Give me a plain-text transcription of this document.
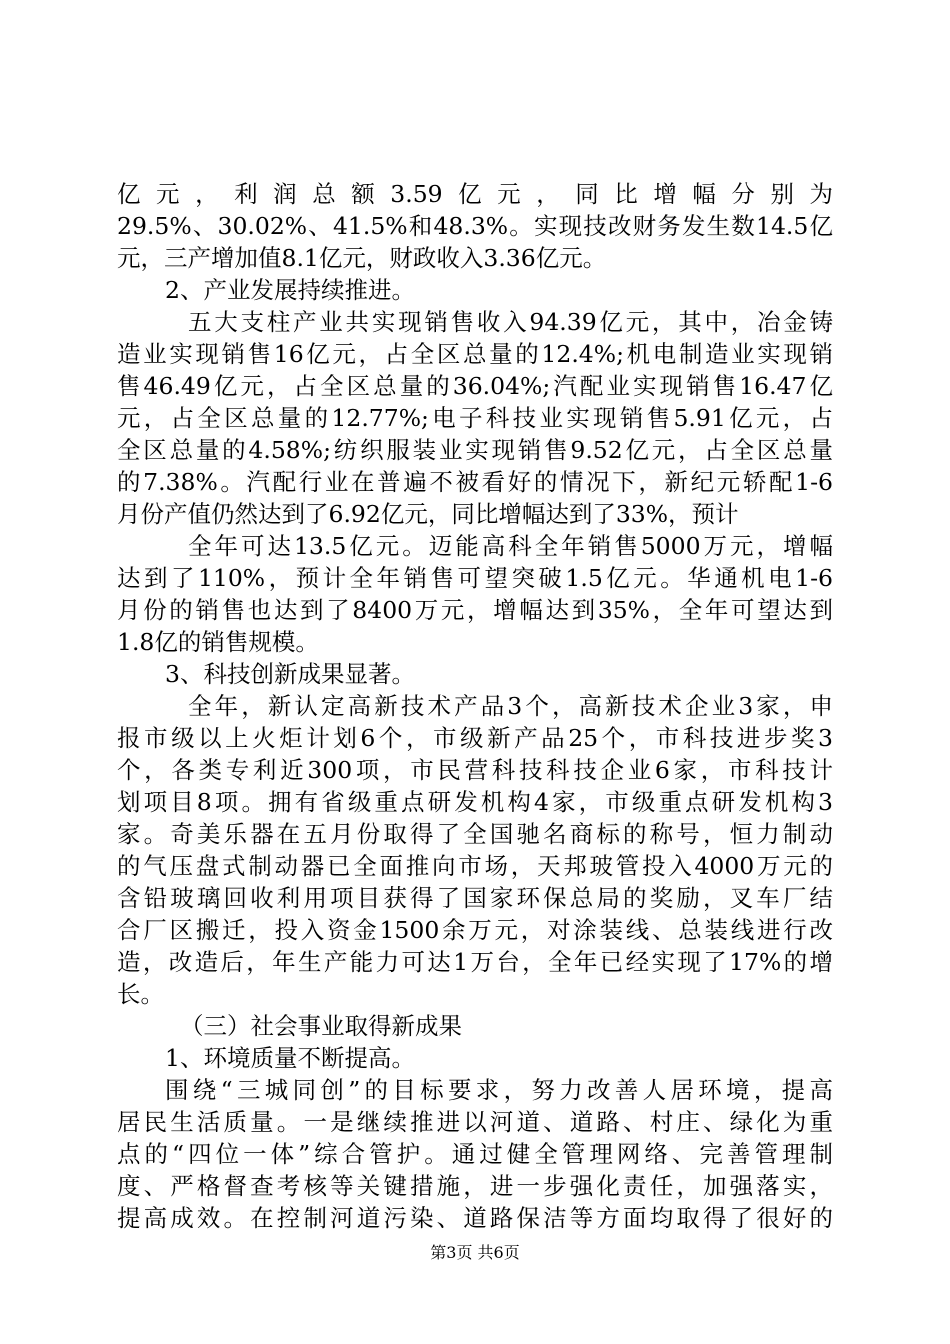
亿元，利润总额3.59亿元，同比增幅分别为
29.5%、30.02%、41.5%和48.3%。实现技改财务发生数14.5亿
元，三产增加值8.1亿元，财政收入3.36亿元。
2、产业发展持续推进。
五大支柱产业共实现销售收入94.39亿元，其中，冶金铸
造业实现销售16亿元，占全区总量的12.4%;机电制造业实现销
售46.49亿元，占全区总量的36.04%;汽配业实现销售16.47亿
元，占全区总量的12.77%;电子科技业实现销售5.91亿元，占
全区总量的4.58%;纺织服装业实现销售9.52亿元，占全区总量
的7.38%。汽配行业在普遍不被看好的情况下，新纪元轿配1-6
月份产值仍然达到了6.92亿元，同比增幅达到了33%，预计
全年可达13.5亿元。迈能高科全年销售5000万元，增幅
达到了110%，预计全年销售可望突破1.5亿元。华通机电1-6
月份的销售也达到了8400万元，增幅达到35%，全年可望达到
1.8亿的销售规模。
3、科技创新成果显著。
全年，新认定高新技术产品3个，高新技术企业3家，申
报市级以上火炬计划6个，市级新产品25个，市科技进步奖3
个，各类专利近300项，市民营科技科技企业6家，市科技计
划项目8项。拥有省级重点研发机构4家，市级重点研发机构3
家。奇美乐器在五月份取得了全国驰名商标的称号，恒力制动
的气压盘式制动器已全面推向市场，天邦玻管投入4000万元的
含铅玻璃回收利用项目获得了国家环保总局的奖励，叉车厂结
合厂区搬迁，投入资金1500余万元，对涂装线、总装线进行改
造，改造后，年生产能力可达1万台，全年已经实现了17%的增
长。
（三）社会事业取得新成果
1、环境质量不断提高。
围绕“三城同创”的目标要求，努力改善人居环境，提高
居民生活质量。一是继续推进以河道、道路、村庄、绿化为重
点的“四位一体”综合管护。通过健全管理网络、完善管理制
度、严格督查考核等关键措施，进一步强化责任，加强落实，
提高成效。在控制河道污染、道路保洁等方面均取得了很好的
第3页 共6页
